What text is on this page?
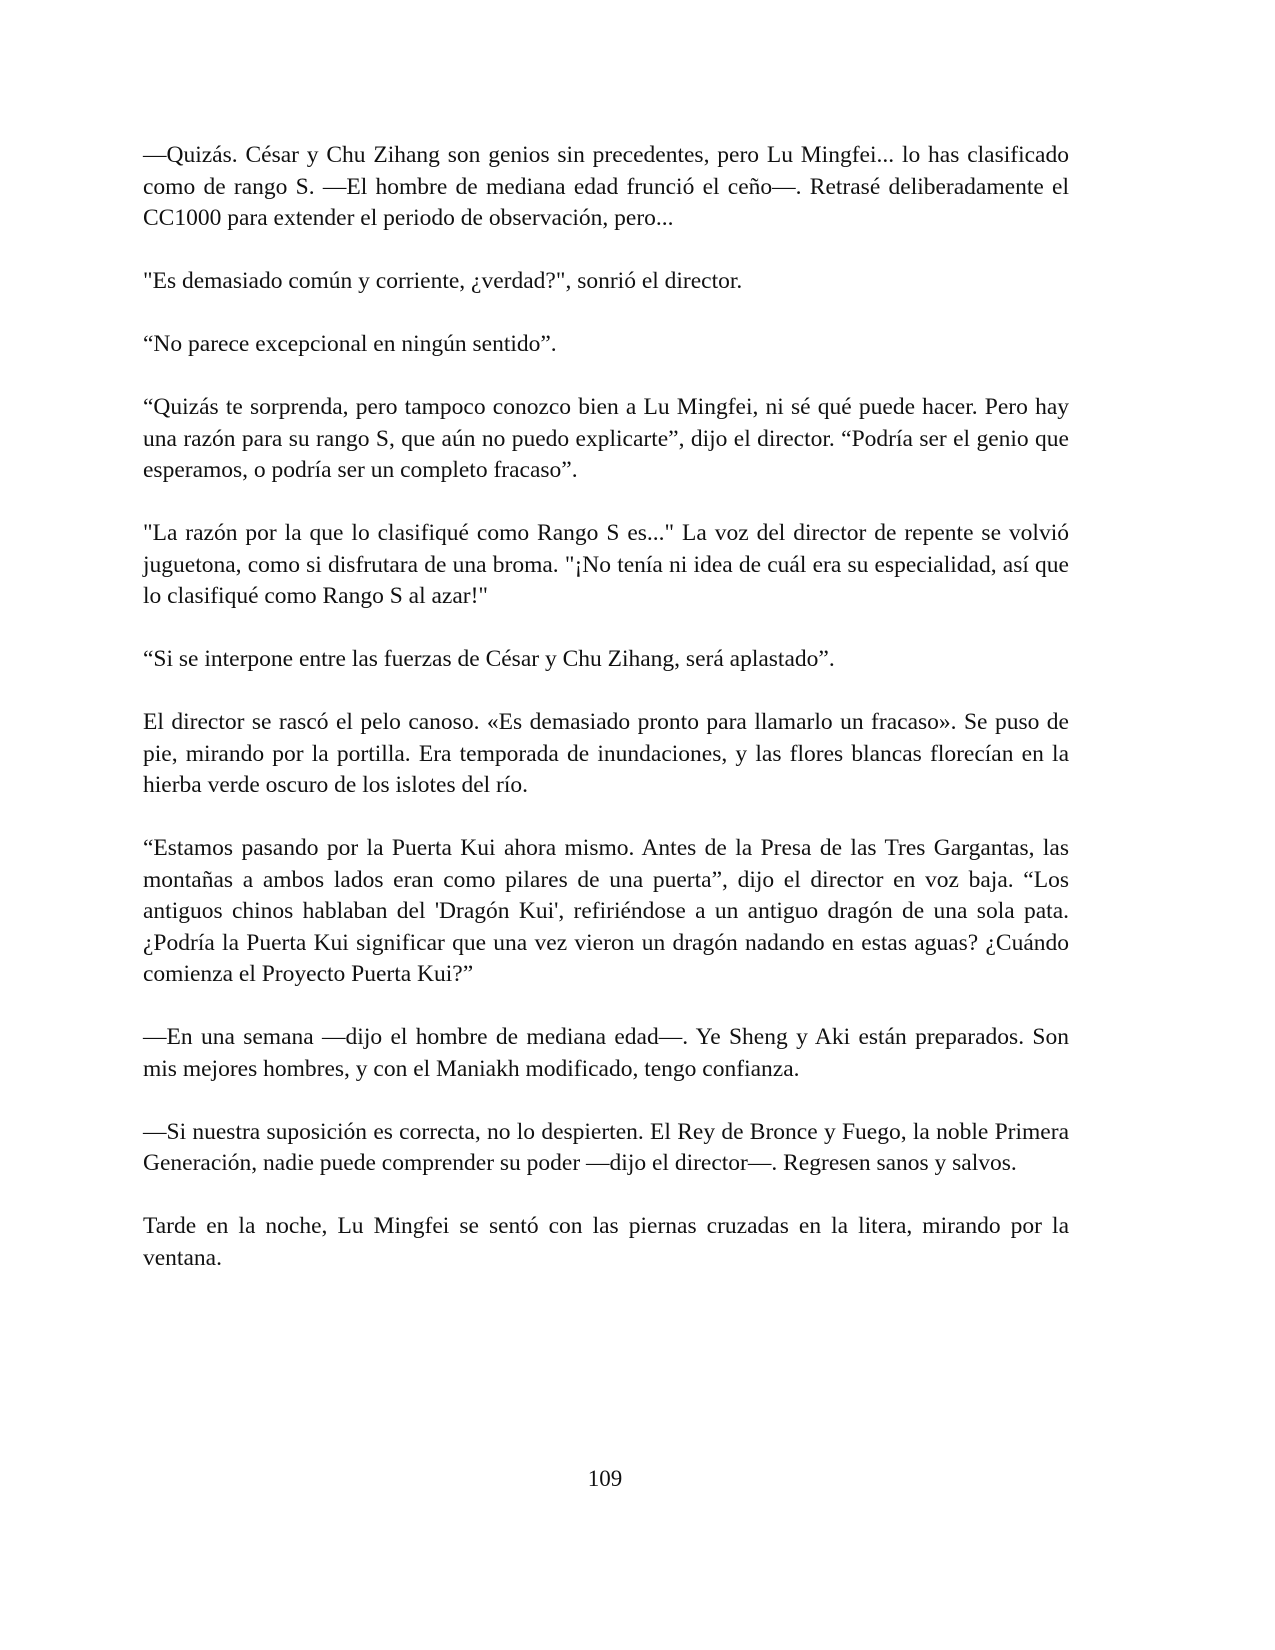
—Quizás. César y Chu Zihang son genios sin precedentes, pero Lu Mingfei... lo has clasificado como de rango S. —El hombre de mediana edad frunció el ceño—. Retrasé deliberadamente el CC1000 para extender el periodo de observación, pero...

"Es demasiado común y corriente, ¿verdad?", sonrió el director.

“No parece excepcional en ningún sentido”.

“Quizás te sorprenda, pero tampoco conozco bien a Lu Mingfei, ni sé qué puede hacer. Pero hay una razón para su rango S, que aún no puedo explicarte”, dijo el director. “Podría ser el genio que esperamos, o podría ser un completo fracaso”.

"La razón por la que lo clasifiqué como Rango S es..." La voz del director de repente se volvió juguetona, como si disfrutara de una broma. "¡No tenía ni idea de cuál era su especialidad, así que lo clasifiqué como Rango S al azar!"

“Si se interpone entre las fuerzas de César y Chu Zihang, será aplastado”.

El director se rascó el pelo canoso. «Es demasiado pronto para llamarlo un fracaso». Se puso de pie, mirando por la portilla. Era temporada de inundaciones, y las flores blancas florecían en la hierba verde oscuro de los islotes del río.

“Estamos pasando por la Puerta Kui ahora mismo. Antes de la Presa de las Tres Gargantas, las montañas a ambos lados eran como pilares de una puerta”, dijo el director en voz baja. “Los antiguos chinos hablaban del 'Dragón Kui', refiriéndose a un antiguo dragón de una sola pata. ¿Podría la Puerta Kui significar que una vez vieron un dragón nadando en estas aguas? ¿Cuándo comienza el Proyecto Puerta Kui?”

—En una semana —dijo el hombre de mediana edad—. Ye Sheng y Aki están preparados. Son mis mejores hombres, y con el Maniakh modificado, tengo confianza.

—Si nuestra suposición es correcta, no lo despierten. El Rey de Bronce y Fuego, la noble Primera Generación, nadie puede comprender su poder —dijo el director—. Regresen sanos y salvos.

Tarde en la noche, Lu Mingfei se sentó con las piernas cruzadas en la litera, mirando por la ventana.

109
